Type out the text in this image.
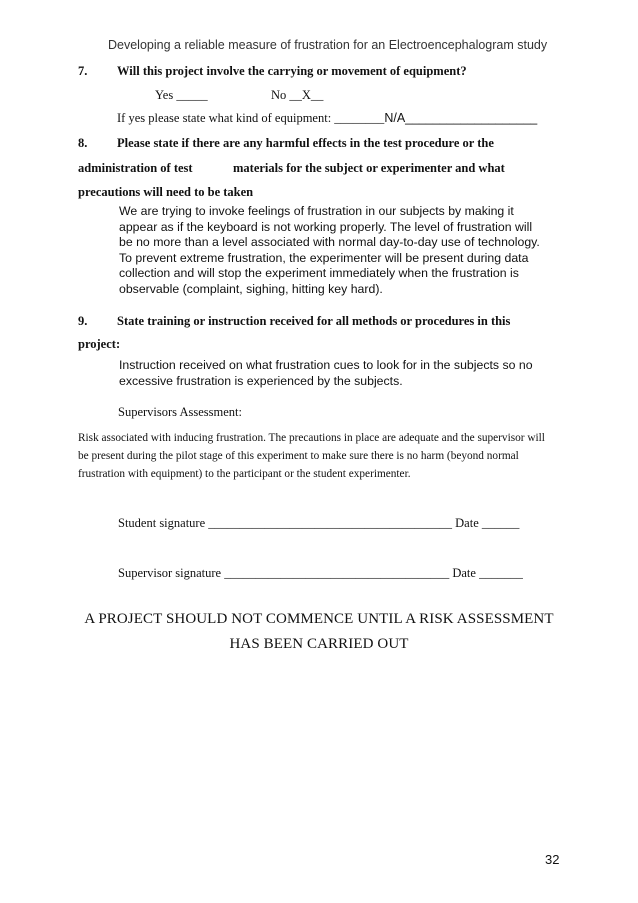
Developing a reliable measure of frustration for an Electroencephalogram study
7. Will this project involve the carrying or movement of equipment?
Yes _____	No __X__
If yes please state what kind of equipment: ________N/A___________________
8. Please state if there are any harmful effects in the test procedure or the
administration of test	materials for the subject or experimenter and what
precautions will need to be taken
We are trying to invoke feelings of frustration in our subjects by making it appear as if the keyboard is not working properly. The level of frustration will be no more than a level associated with normal day-to-day use of technology. To prevent extreme frustration, the experimenter will be present during data collection and will stop the experiment immediately when the frustration is observable (complaint, sighing, hitting key hard).
9. State training or instruction received for all methods or procedures in this
project:
Instruction received on what frustration cues to look for in the subjects so no excessive frustration is experienced by the subjects.
Supervisors Assessment:
Risk associated with inducing frustration. The precautions in place are adequate and the supervisor will be present during the pilot stage of this experiment to make sure there is no harm (beyond normal frustration with equipment) to the participant or the student experimenter.
Student signature _______________________________________ Date ______
Supervisor signature ____________________________________ Date _______
A PROJECT SHOULD NOT COMMENCE UNTIL A RISK ASSESSMENT
HAS BEEN CARRIED OUT
32
